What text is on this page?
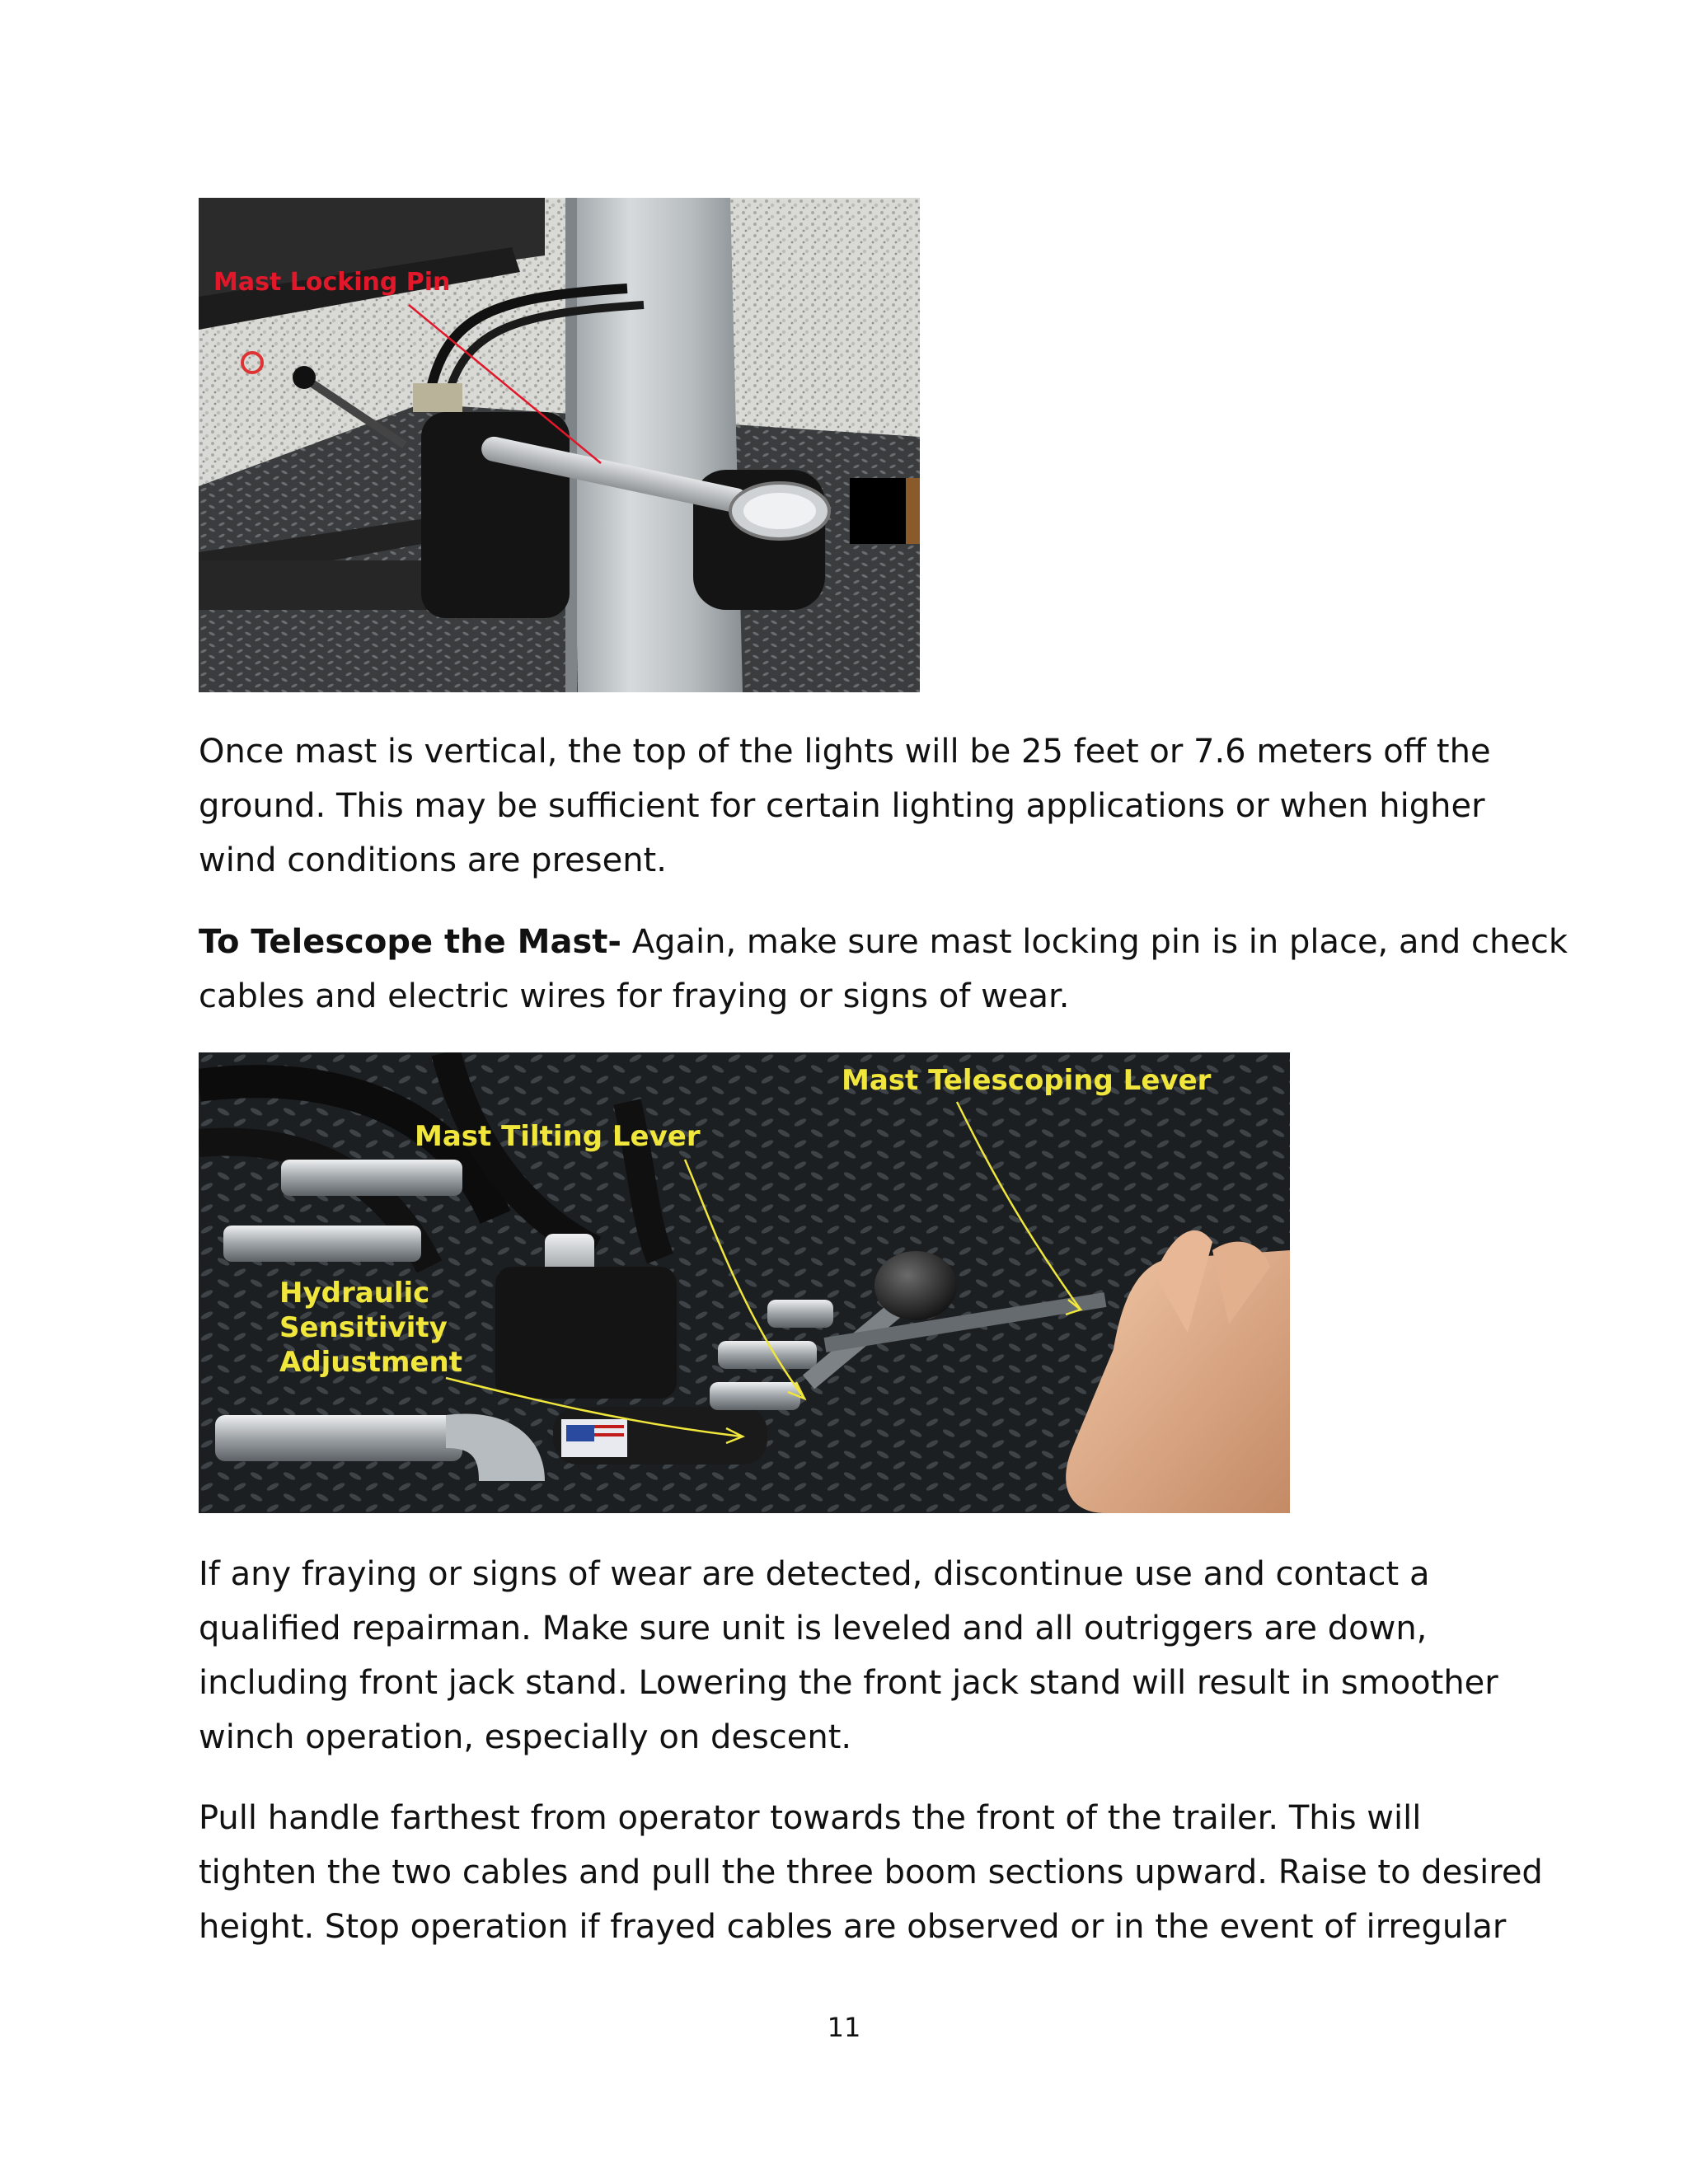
Mast Locking Pin
Once mast is vertical, the top of the lights will be 25 feet or 7.6 meters off the
ground. This may be sufficient for certain lighting applications or when higher
wind conditions are present.
To Telescope the Mast- Again, make sure mast locking pin is in place, and check
cables and electric wires for fraying or signs of wear.
Mast Telescoping Lever
Mast Tilting Lever
Hydraulic
Sensitivity
Adjustment
If any fraying or signs of wear are detected, discontinue use and contact a
qualified repairman. Make sure unit is leveled and all outriggers are down,
including front jack stand. Lowering the front jack stand will result in smoother
winch operation, especially on descent.
Pull handle farthest from operator towards the front of the trailer. This will
tighten the two cables and pull the three boom sections upward. Raise to desired
height. Stop operation if frayed cables are observed or in the event of irregular
11
